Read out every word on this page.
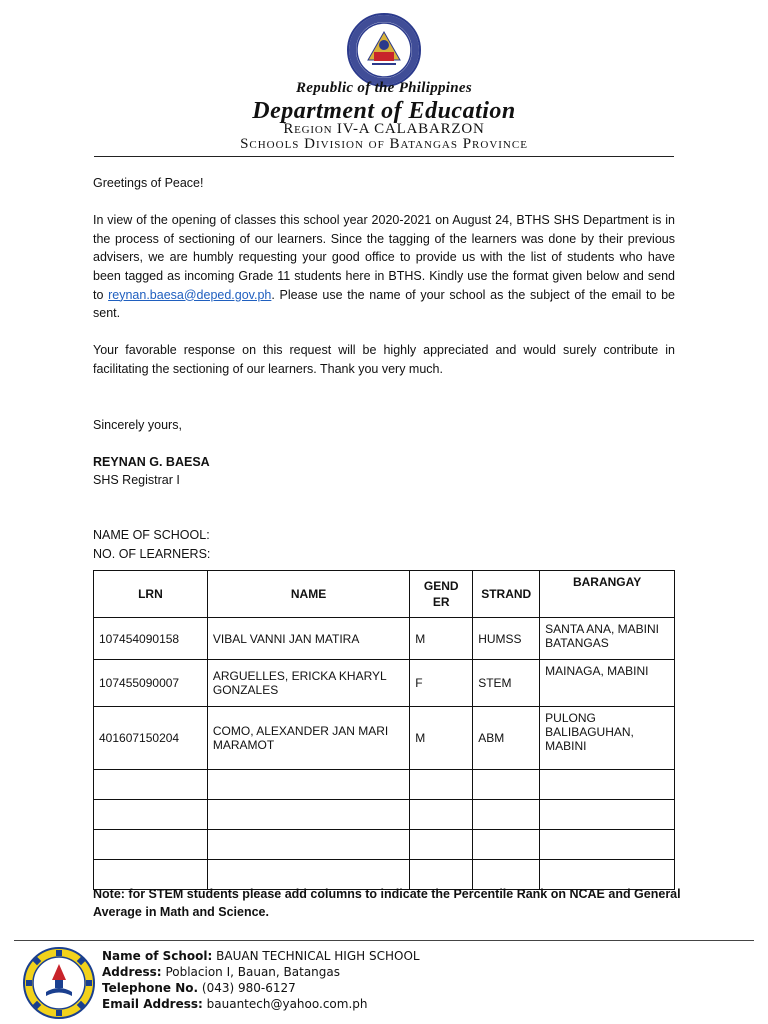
Republic of the Philippines
Department of Education
Region IV-A CALABARZON
Schools Division of Batangas Province

Greetings of Peace!

In view of the opening of classes this school year 2020-2021 on August 24, BTHS SHS Department is in the process of sectioning of our learners. Since the tagging of the learners was done by their previous advisers, we are humbly requesting your good office to provide us with the list of students who have been tagged as incoming Grade 11 students here in BTHS. Kindly use the format given below and send to reynan.baesa@deped.gov.ph. Please use the name of your school as the subject of the email to be sent.

Your favorable response on this request will be highly appreciated and would surely contribute in facilitating the sectioning of our learners. Thank you very much.

Sincerely yours,

REYNAN G. BAESA

SHS Registrar I

NAME OF SCHOOL:
NO. OF LEARNERS:
LRN	NAME	GENDER	STRAND	BARANGAY
107454090158	VIBAL VANNI JAN MATIRA	M	HUMSS	SANTA ANA, MABINI BATANGAS
107455090007	ARGUELLES, ERICKA KHARYL GONZALES	F	STEM	MAINAGA, MABINI
401607150204	COMO, ALEXANDER JAN MARI MARAMOT	M	ABM	PULONG BALIBAGUHAN, MABINI

Note: for STEM students please add columns to indicate the Percentile Rank on NCAE and General Average in Math and Science.
Name of School: BAUAN TECHNICAL HIGH SCHOOL
Address: Poblacion I, Bauan, Batangas
Telephone No. (043) 980-6127
Email Address: bauantech@yahoo.com.ph
